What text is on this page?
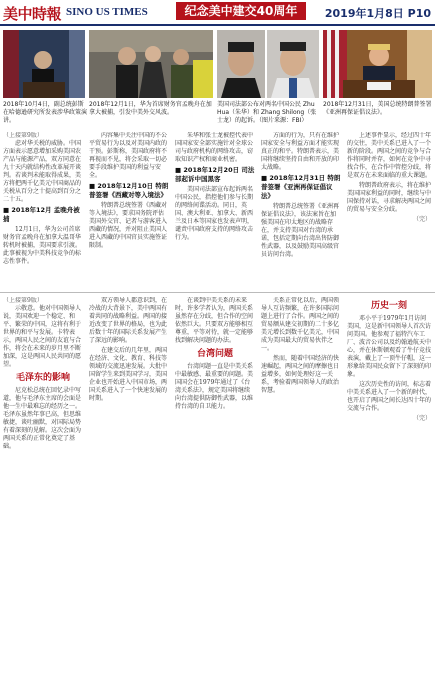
美中時報 SINO US TIMES	纪念美中建交40周年	2019年1月8日 P10
2018年10月4日，副总统彭斯在哈德逊研究所发表涉华政策演讲。
2018年12月1日，华为首席财务官孟晚舟在加拿大被捕，引发中美外交风波。
美国司法部公布对两名中国公民 Zhu Hua（朱华）和 Zhang Shilong（张士龙）的起诉。（图片来源：FBI）
2018年12月31日，美国总统特朗普签署《亚洲再保证倡议法》。
（上接第9版）

虑对华关税的威胁。中国方面表示愿意增加采购美国农产品与能源产品，双方同意在九十天内就结构性改革展开谈判。若谈判未能取得成果，美方将把两千亿美元中国商品的关税从百分之十提高到百分之二十五。

■ 2018年12月 孟晚舟被捕

12月1日，华为公司首席财务官孟晚舟在加拿大温哥华转机时被捕，美国要求引渡。此事被视为中美科技竞争的标志性事件。

内容集中关注中国的不公平贸易行为以及对美国内政的干预。彭斯称，美国政府将不再视而不见，将会采取一切必要手段维护美国的利益与安全。

■ 2018年12月10日 特朗普签署《西藏对等入境法》

特朗普总统签署《西藏对等入境法》，要求国务院评估美国外交官、记者与游客进入西藏的情况，并对阻止美国人进入西藏的中国官员实施签证限制。

朱华和张士龙被控代表中国国家安全部实施针对全球公司与政府机构的网络攻击，窃取知识产权和商业机密。

■ 2018年12月20日 司法部起诉中国黑客

美国司法部宣布起诉两名中国公民，指控他们参与长期的网络间谍活动。同日，英国、澳大利亚、加拿大、新西兰及日本等国家也发表声明，谴责中国政府支持的网络攻击行为。

方面的行为，只有在维护国家安全与利益方面才能实现真正的和平。特朗普表示，美国将继续坚持自由和开放的印太战略。

■ 2018年12月31日 特朗普签署《亚洲再保证倡议法》

特朗普总统签署《亚洲再保证倡议法》，该法案旨在加强美国在印太地区的战略存在，并支持美国对台湾的承诺，包括定期向台湾出售防御性武器，以及鼓励美国高级官员访问台湾。

上述事件显示，经过四十年的交往，美中关系已进入了一个新的阶段。两国之间的竞争与合作将同时并存，如何在竞争中寻找合作，在合作中管控分歧，将是双方在未来面临的重大课题。

特朗普政府表示，将在维护美国国家利益的同时，继续与中国保持对话，寻求解决两国之间的贸易与安全分歧。

（完）
（上接第9版）

示敬意。他对中国领导人说，美国欢迎一个稳定、和平、繁荣的中国，这将有利于世界的和平与发展。卡特表示，两国人民之间的友谊与合作，将会在未来的岁月里不断加深，这是两国人民共同的愿望。

毛泽东的影响

尼克松总统在回忆录中写道，他与毛泽东主席的会面是他一生中最难忘的经历之一。毛泽东虽然年事已高，但思维敏捷，谈吐幽默，对国际局势有着深刻的见解。这次会面为两国关系的正常化奠定了基础。

双方领导人都意识到，在冷战的大背景下，美中两国有着共同的战略利益。两国的接近改变了世界的格局，也为此后数十年的国际关系发展产生了深远的影响。

在建交后的几年里，两国在经济、文化、教育、科技等领域的交流迅速发展。大批中国留学生来到美国学习，美国企业也开始进入中国市场，两国关系进入了一个快速发展的时期。

在谈到中美关系的未来时，许多学者认为，两国关系虽然存在分歧，但合作的空间依然巨大。只要双方能够相互尊重，平等对待，就一定能够找到解决问题的办法。

台湾问题

台湾问题一直是中美关系中最敏感、最重要的问题。美国国会在1979年通过了《台湾关系法》，规定美国将继续向台湾提供防御性武器，以维持台湾的自卫能力。

关系正常化以后，两国领导人互访频繁，在许多国际问题上进行了合作。两国之间的贸易额从建交初期的二十多亿美元增长到数千亿美元，中国成为美国最大的贸易伙伴之一。

然而，随着中国经济的快速崛起，两国之间的摩擦也日益增多，如何处理好这一关系，考验着两国领导人的政治智慧。

历史一刻

邓小平于1979年1月访问美国，这是新中国领导人首次访问美国。他参观了福特汽车工厂、波音公司以及约翰逊航天中心，并在休斯顿观看了牛仔竞技表演，戴上了一顶牛仔帽，这一形象给美国民众留下了深刻的印象。

这次历史性的访问，标志着中美关系进入了一个新的时代，也开启了两国之间长达四十年的交流与合作。

（完）
